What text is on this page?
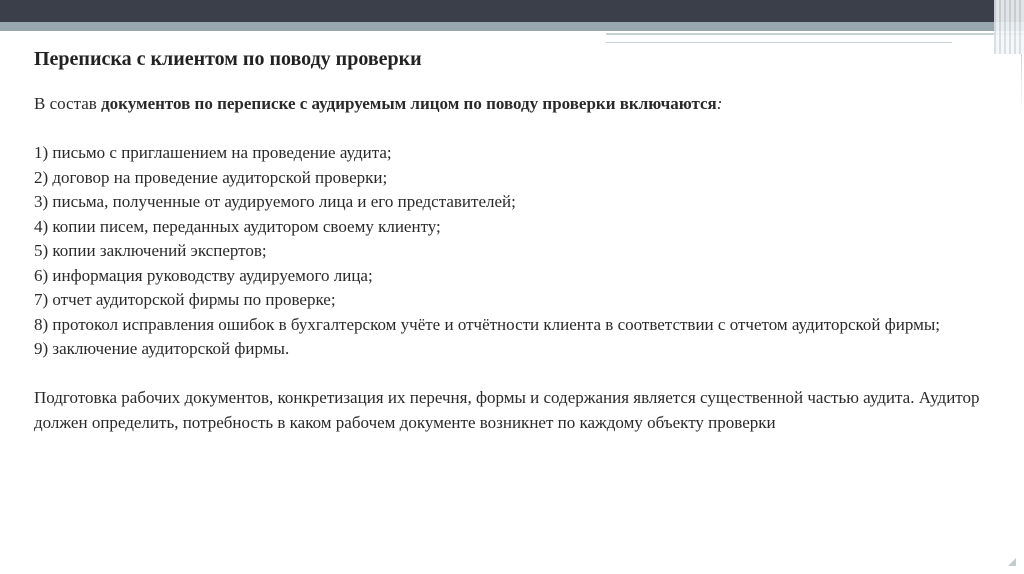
Переписка с клиентом по поводу проверки

В состав документов по переписке с аудируемым лицом по поводу проверки включаются:

1) письмо с приглашением на проведение аудита;
2) договор на проведение аудиторской проверки;
3) письма, полученные от аудируемого лица и его представителей;
4) копии писем, переданных аудитором своему клиенту;
5) копии заключений экспертов;
6) информация руководству аудируемого лица;
7) отчет аудиторской фирмы по проверке;
8) протокол исправления ошибок в бухгалтерском учёте и отчётности клиента в соответствии с отчетом аудиторской фирмы;
9) заключение аудиторской фирмы.

Подготовка рабочих документов, конкретизация их перечня, формы и содержания является существенной частью аудита. Аудитор должен определить, потребность в каком рабочем документе возникнет по каждому объекту проверки
